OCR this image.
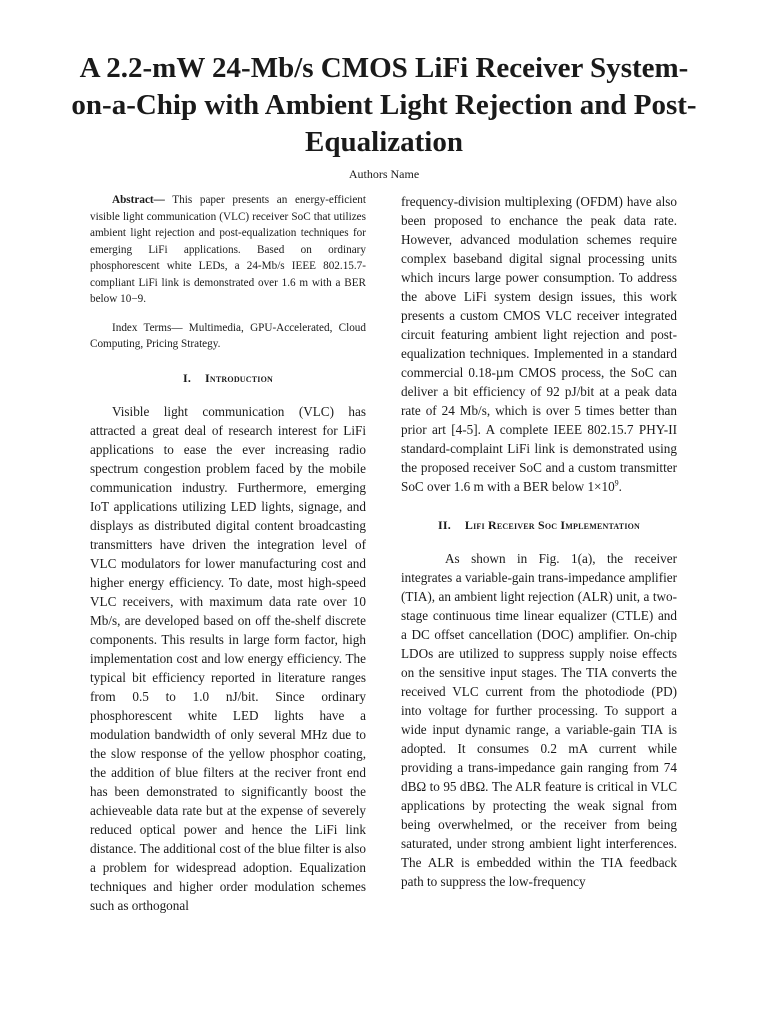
A 2.2-mW 24-Mb/s CMOS LiFi Receiver System-on-a-Chip with Ambient Light Rejection and Post-Equalization
Authors Name

Abstract— This paper presents an energy-efficient visible light communication (VLC) receiver SoC that utilizes ambient light rejection and post-equalization techniques for emerging LiFi applications. Based on ordinary phosphorescent white LEDs, a 24-Mb/s IEEE 802.15.7-compliant LiFi link is demonstrated over 1.6 m with a BER below 10−9.

Index Terms— Multimedia, GPU-Accelerated, Cloud Computing, Pricing Strategy.

I. Introduction

Visible light communication (VLC) has attracted a great deal of research interest for LiFi applications to ease the ever increasing radio spectrum congestion problem faced by the mobile communication industry. Furthermore, emerging IoT applications utilizing LED lights, signage, and displays as distributed digital content broadcasting transmitters have driven the integration level of VLC modulators for lower manufacturing cost and higher energy efficiency. To date, most high-speed VLC receivers, with maximum data rate over 10 Mb/s, are developed based on off the-shelf discrete components. This results in large form factor, high implementation cost and low energy efficiency. The typical bit efficiency reported in literature ranges from 0.5 to 1.0 nJ/bit. Since ordinary phosphorescent white LED lights have a modulation bandwidth of only several MHz due to the slow response of the yellow phosphor coating, the addition of blue filters at the reciver front end has been demonstrated to significantly boost the achieveable data rate but at the expense of severely reduced optical power and hence the LiFi link distance. The additional cost of the blue filter is also a problem for widespread adoption. Equalization techniques and higher order modulation schemes such as orthogonal

frequency-division multiplexing (OFDM) have also been proposed to enchance the peak data rate. However, advanced modulation schemes require complex baseband digital signal processing units which incurs large power consumption. To address the above LiFi system design issues, this work presents a custom CMOS VLC receiver integrated circuit featuring ambient light rejection and post-equalization techniques. Implemented in a standard commercial 0.18-µm CMOS process, the SoC can deliver a bit efficiency of 92 pJ/bit at a peak data rate of 24 Mb/s, which is over 5 times better than prior art [4-5]. A complete IEEE 802.15.7 PHY-II standard-complaint LiFi link is demonstrated using the proposed receiver SoC and a custom transmitter SoC over 1.6 m with a BER below $1\times 10^9$.

II. Lifi Receiver Soc Implementation

As shown in Fig. 1(a), the receiver integrates a variable-gain trans-impedance amplifier (TIA), an ambient light rejection (ALR) unit, a two-stage continuous time linear equalizer (CTLE) and a DC offset cancellation (DOC) amplifier. On-chip LDOs are utilized to suppress supply noise effects on the sensitive input stages. The TIA converts the received VLC current from the photodiode (PD) into voltage for further processing. To support a wide input dynamic range, a variable-gain TIA is adopted. It consumes 0.2 mA current while providing a trans-impedance gain ranging from 74 dBΩ to 95 dBΩ. The ALR feature is critical in VLC applications by protecting the weak signal from being overwhelmed, or the receiver from being saturated, under strong ambient light interferences. The ALR is embedded within the TIA feedback path to suppress the low-frequency
